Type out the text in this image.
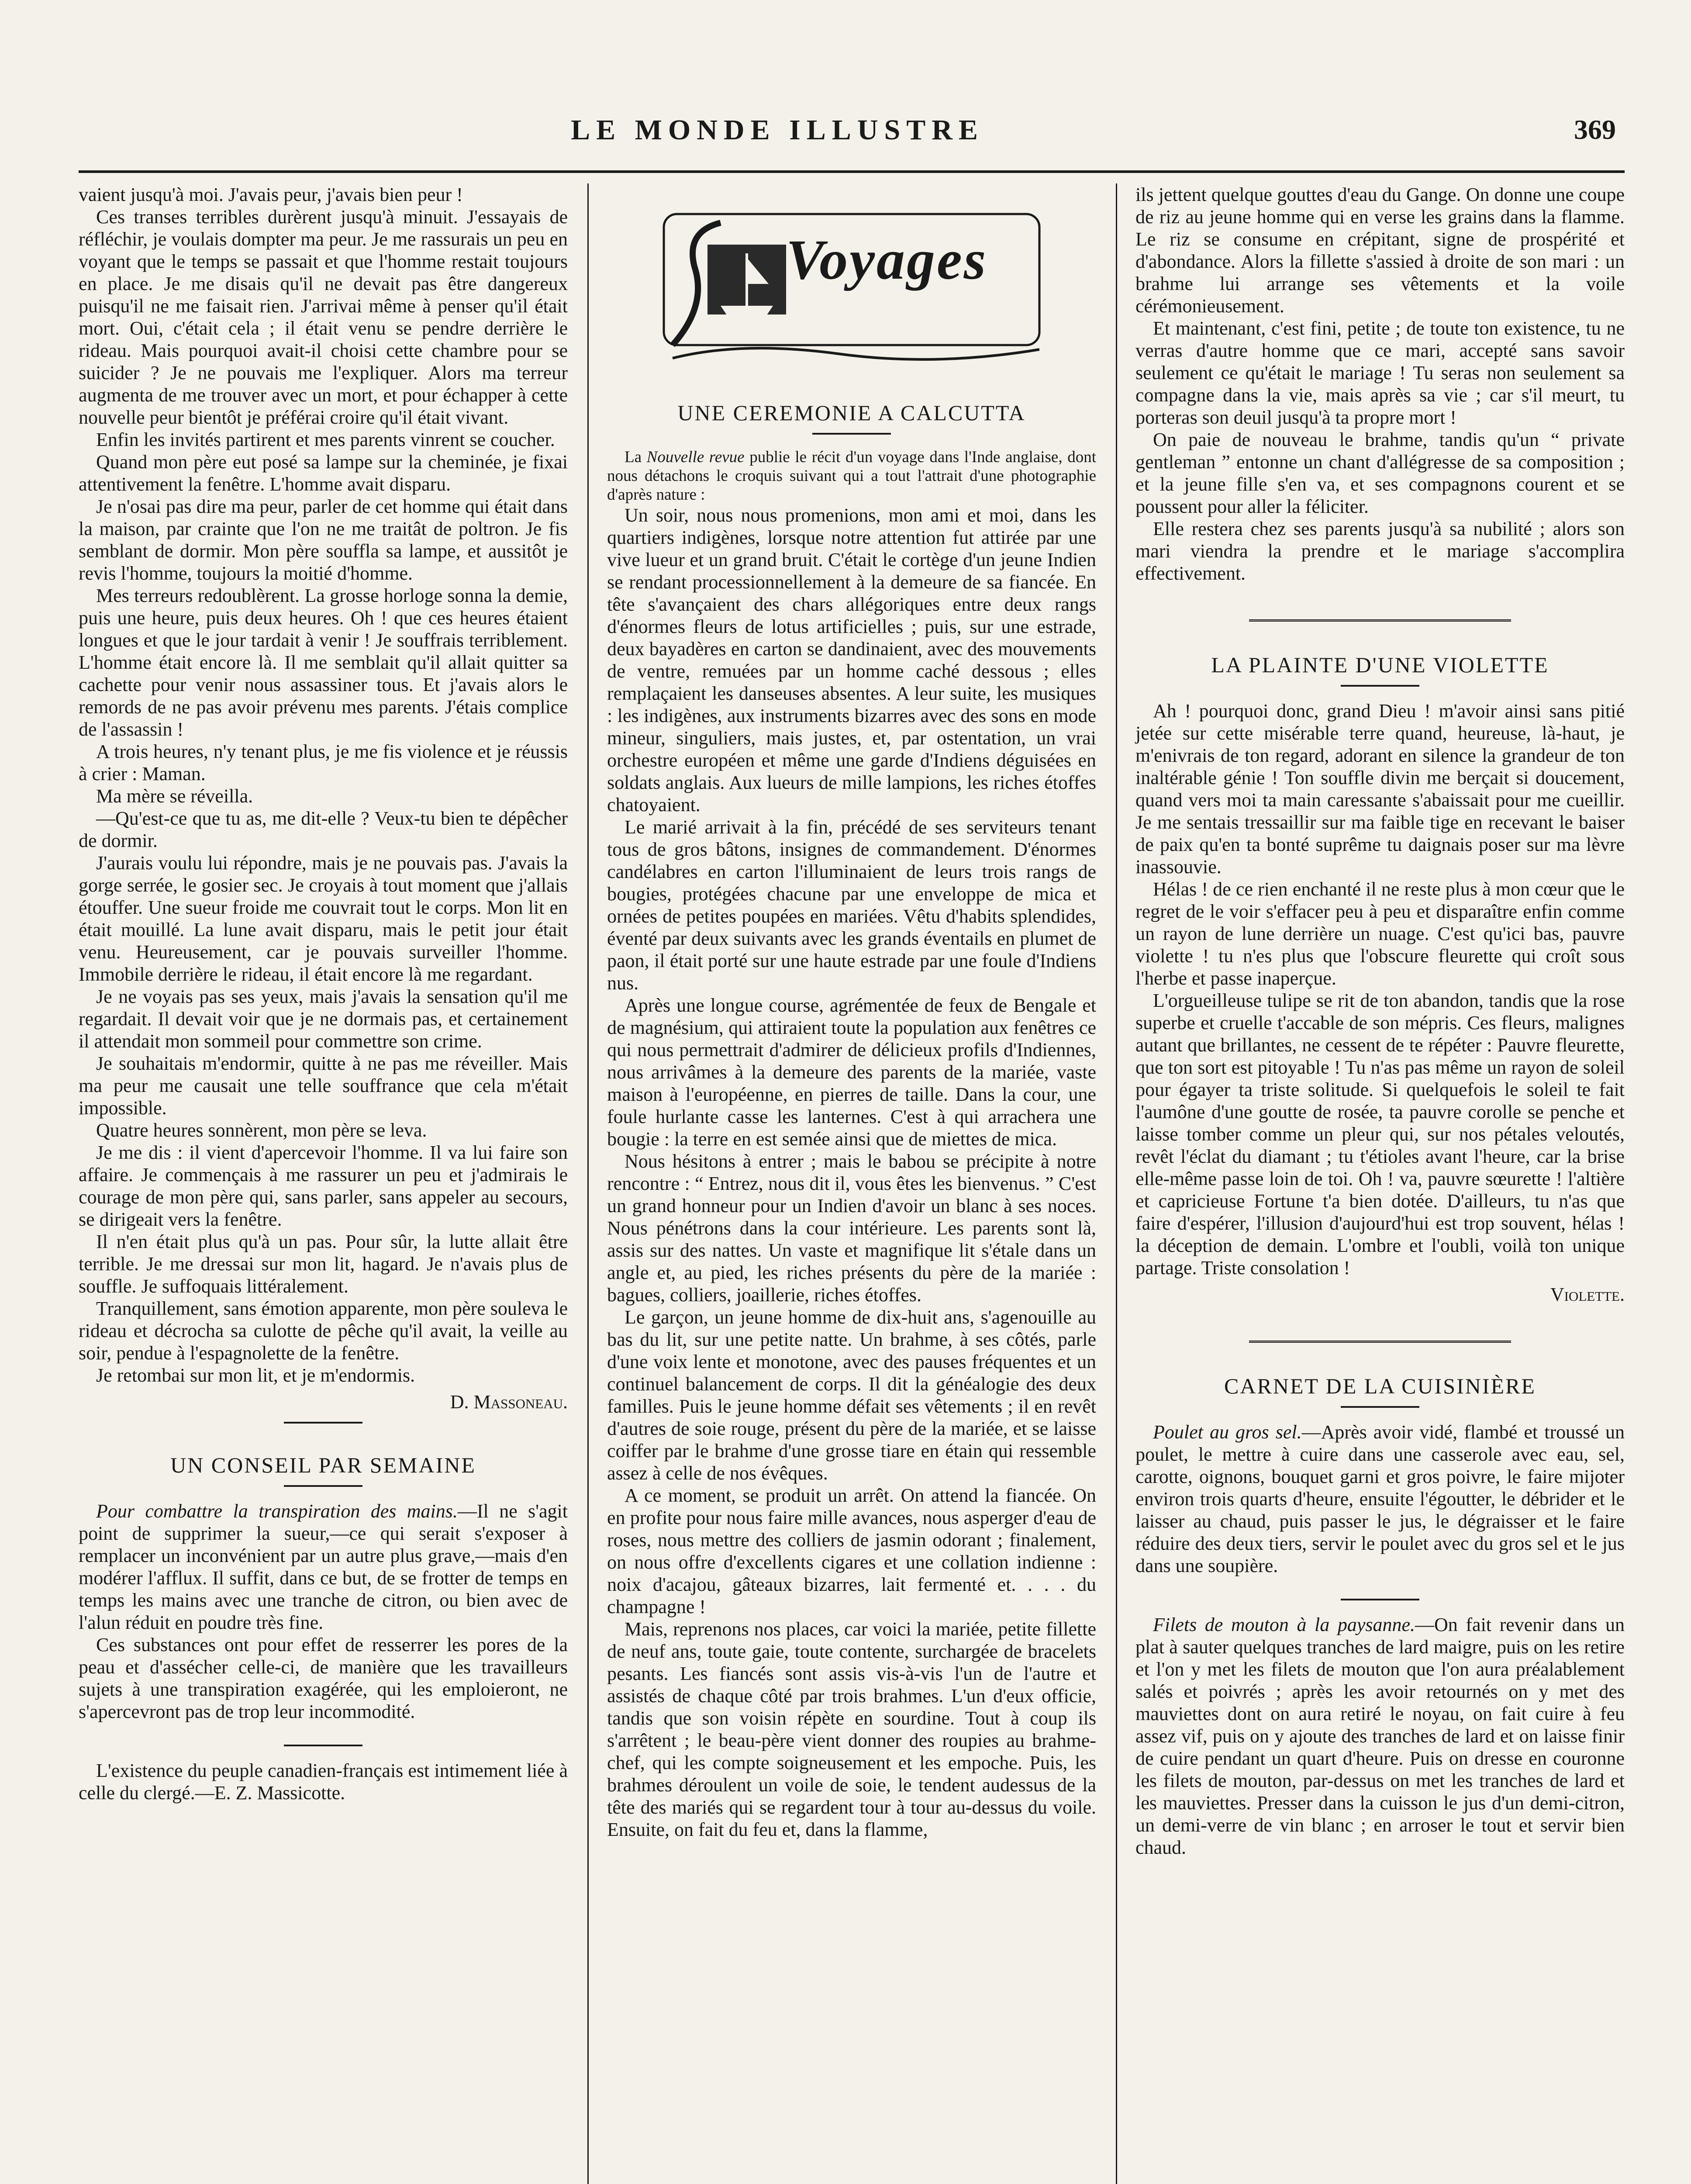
LE MONDE ILLUSTRE	369

vaient jusqu'à moi. J'avais peur, j'avais bien peur !

Ces transes terribles durèrent jusqu'à minuit. J'essayais de réfléchir, je voulais dompter ma peur. Je me rassurais un peu en voyant que le temps se passait et que l'homme restait toujours en place. Je me disais qu'il ne devait pas être dangereux puisqu'il ne me faisait rien. J'arrivai même à penser qu'il était mort. Oui, c'était cela ; il était venu se pendre derrière le rideau. Mais pourquoi avait-il choisi cette chambre pour se suicider ? Je ne pouvais me l'expliquer. Alors ma terreur augmenta de me trouver avec un mort, et pour échapper à cette nouvelle peur bientôt je préférai croire qu'il était vivant.

Enfin les invités partirent et mes parents vinrent se coucher.

Quand mon père eut posé sa lampe sur la cheminée, je fixai attentivement la fenêtre. L'homme avait disparu.

Je n'osai pas dire ma peur, parler de cet homme qui était dans la maison, par crainte que l'on ne me traitât de poltron. Je fis semblant de dormir. Mon père souffla sa lampe, et aussitôt je revis l'homme, toujours la moitié d'homme.

Mes terreurs redoublèrent. La grosse horloge sonna la demie, puis une heure, puis deux heures. Oh ! que ces heures étaient longues et que le jour tardait à venir ! Je souffrais terriblement. L'homme était encore là. Il me semblait qu'il allait quitter sa cachette pour venir nous assassiner tous. Et j'avais alors le remords de ne pas avoir prévenu mes parents. J'étais complice de l'assassin !

A trois heures, n'y tenant plus, je me fis violence et je réussis à crier : Maman.

Ma mère se réveilla.

—Qu'est-ce que tu as, me dit-elle ? Veux-tu bien te dépêcher de dormir.

J'aurais voulu lui répondre, mais je ne pouvais pas. J'avais la gorge serrée, le gosier sec. Je croyais à tout moment que j'allais étouffer. Une sueur froide me couvrait tout le corps. Mon lit en était mouillé. La lune avait disparu, mais le petit jour était venu. Heureusement, car je pouvais surveiller l'homme. Immobile derrière le rideau, il était encore là me regardant.

Je ne voyais pas ses yeux, mais j'avais la sensation qu'il me regardait. Il devait voir que je ne dormais pas, et certainement il attendait mon sommeil pour commettre son crime.

Je souhaitais m'endormir, quitte à ne pas me réveiller. Mais ma peur me causait une telle souffrance que cela m'était impossible.

Quatre heures sonnèrent, mon père se leva.

Je me dis : il vient d'apercevoir l'homme. Il va lui faire son affaire. Je commençais à me rassurer un peu et j'admirais le courage de mon père qui, sans parler, sans appeler au secours, se dirigeait vers la fenêtre.

Il n'en était plus qu'à un pas. Pour sûr, la lutte allait être terrible. Je me dressai sur mon lit, hagard. Je n'avais plus de souffle. Je suffoquais littéralement.

Tranquillement, sans émotion apparente, mon père souleva le rideau et décrocha sa culotte de pêche qu'il avait, la veille au soir, pendue à l'espagnolette de la fenêtre.

Je retombai sur mon lit, et je m'endormis.

D. Massoneau.
UN CONSEIL PAR SEMAINE

Pour combattre la transpiration des mains.—Il ne s'agit point de supprimer la sueur,—ce qui serait s'exposer à remplacer un inconvénient par un autre plus grave,—mais d'en modérer l'afflux. Il suffit, dans ce but, de se frotter de temps en temps les mains avec une tranche de citron, ou bien avec de l'alun réduit en poudre très fine.

Ces substances ont pour effet de resserrer les pores de la peau et d'assécher celle-ci, de manière que les travailleurs sujets à une transpiration exagérée, qui les emploieront, ne s'apercevront pas de trop leur incommodité.

L'existence du peuple canadien-français est intimement liée à celle du clergé.—E. Z. Massicotte.

Voyages
UNE CEREMONIE A CALCUTTA

La Nouvelle revue publie le récit d'un voyage dans l'Inde anglaise, dont nous détachons le croquis suivant qui a tout l'attrait d'une photographie d'après nature :

Un soir, nous nous promenions, mon ami et moi, dans les quartiers indigènes, lorsque notre attention fut attirée par une vive lueur et un grand bruit. C'était le cortège d'un jeune Indien se rendant processionnellement à la demeure de sa fiancée. En tête s'avançaient des chars allégoriques entre deux rangs d'énormes fleurs de lotus artificielles ; puis, sur une estrade, deux bayadères en carton se dandinaient, avec des mouvements de ventre, remuées par un homme caché dessous ; elles remplaçaient les danseuses absentes. A leur suite, les musiques : les indigènes, aux instruments bizarres avec des sons en mode mineur, singuliers, mais justes, et, par ostentation, un vrai orchestre européen et même une garde d'Indiens déguisées en soldats anglais. Aux lueurs de mille lampions, les riches étoffes chatoyaient.

Le marié arrivait à la fin, précédé de ses serviteurs tenant tous de gros bâtons, insignes de commandement. D'énormes candélabres en carton l'illuminaient de leurs trois rangs de bougies, protégées chacune par une enveloppe de mica et ornées de petites poupées en mariées. Vêtu d'habits splendides, éventé par deux suivants avec les grands éventails en plumet de paon, il était porté sur une haute estrade par une foule d'Indiens nus.

Après une longue course, agrémentée de feux de Bengale et de magnésium, qui attiraient toute la population aux fenêtres ce qui nous permettrait d'admirer de délicieux profils d'Indiennes, nous arrivâmes à la demeure des parents de la mariée, vaste maison à l'européenne, en pierres de taille. Dans la cour, une foule hurlante casse les lanternes. C'est à qui arrachera une bougie : la terre en est semée ainsi que de miettes de mica.

Nous hésitons à entrer ; mais le babou se précipite à notre rencontre : “ Entrez, nous dit il, vous êtes les bienvenus. ” C'est un grand honneur pour un Indien d'avoir un blanc à ses noces. Nous pénétrons dans la cour intérieure. Les parents sont là, assis sur des nattes. Un vaste et magnifique lit s'étale dans un angle et, au pied, les riches présents du père de la mariée : bagues, colliers, joaillerie, riches étoffes.

Le garçon, un jeune homme de dix-huit ans, s'agenouille au bas du lit, sur une petite natte. Un brahme, à ses côtés, parle d'une voix lente et monotone, avec des pauses fréquentes et un continuel balancement de corps. Il dit la généalogie des deux familles. Puis le jeune homme défait ses vêtements ; il en revêt d'autres de soie rouge, présent du père de la mariée, et se laisse coiffer par le brahme d'une grosse tiare en étain qui ressemble assez à celle de nos évêques.

A ce moment, se produit un arrêt. On attend la fiancée. On en profite pour nous faire mille avances, nous asperger d'eau de roses, nous mettre des colliers de jasmin odorant ; finalement, on nous offre d'excellents cigares et une collation indienne : noix d'acajou, gâteaux bizarres, lait fermenté et. . . . du champagne !

Mais, reprenons nos places, car voici la mariée, petite fillette de neuf ans, toute gaie, toute contente, surchargée de bracelets pesants. Les fiancés sont assis vis-à-vis l'un de l'autre et assistés de chaque côté par trois brahmes. L'un d'eux officie, tandis que son voisin répète en sourdine. Tout à coup ils s'arrêtent ; le beau-père vient donner des roupies au brahme-chef, qui les compte soigneusement et les empoche. Puis, les brahmes déroulent un voile de soie, le tendent audessus de la tête des mariés qui se regardent tour à tour au-dessus du voile. Ensuite, on fait du feu et, dans la flamme,

ils jettent quelque gouttes d'eau du Gange. On donne une coupe de riz au jeune homme qui en verse les grains dans la flamme. Le riz se consume en crépitant, signe de prospérité et d'abondance. Alors la fillette s'assied à droite de son mari : un brahme lui arrange ses vêtements et la voile cérémonieusement.

Et maintenant, c'est fini, petite ; de toute ton existence, tu ne verras d'autre homme que ce mari, accepté sans savoir seulement ce qu'était le mariage ! Tu seras non seulement sa compagne dans la vie, mais après sa vie ; car s'il meurt, tu porteras son deuil jusqu'à ta propre mort !

On paie de nouveau le brahme, tandis qu'un “ private gentleman ” entonne un chant d'allégresse de sa composition ; et la jeune fille s'en va, et ses compagnons courent et se poussent pour aller la féliciter.

Elle restera chez ses parents jusqu'à sa nubilité ; alors son mari viendra la prendre et le mariage s'accomplira effectivement.

LA PLAINTE D'UNE VIOLETTE

Ah ! pourquoi donc, grand Dieu ! m'avoir ainsi sans pitié jetée sur cette misérable terre quand, heureuse, là-haut, je m'enivrais de ton regard, adorant en silence la grandeur de ton inaltérable génie ! Ton souffle divin me berçait si doucement, quand vers moi ta main caressante s'abaissait pour me cueillir. Je me sentais tressaillir sur ma faible tige en recevant le baiser de paix qu'en ta bonté suprême tu daignais poser sur ma lèvre inassouvie.

Hélas ! de ce rien enchanté il ne reste plus à mon cœur que le regret de le voir s'effacer peu à peu et disparaître enfin comme un rayon de lune derrière un nuage. C'est qu'ici bas, pauvre violette ! tu n'es plus que l'obscure fleurette qui croît sous l'herbe et passe inaperçue.

L'orgueilleuse tulipe se rit de ton abandon, tandis que la rose superbe et cruelle t'accable de son mépris. Ces fleurs, malignes autant que brillantes, ne cessent de te répéter : Pauvre fleurette, que ton sort est pitoyable ! Tu n'as pas même un rayon de soleil pour égayer ta triste solitude. Si quelquefois le soleil te fait l'aumône d'une goutte de rosée, ta pauvre corolle se penche et laisse tomber comme un pleur qui, sur nos pétales veloutés, revêt l'éclat du diamant ; tu t'étioles avant l'heure, car la brise elle-même passe loin de toi. Oh ! va, pauvre sœurette ! l'altière et capricieuse Fortune t'a bien dotée. D'ailleurs, tu n'as que faire d'espérer, l'illusion d'aujourd'hui est trop souvent, hélas ! la déception de demain. L'ombre et l'oubli, voilà ton unique partage. Triste consolation !

Violette.
CARNET DE LA CUISINIÈRE

Poulet au gros sel.—Après avoir vidé, flambé et troussé un poulet, le mettre à cuire dans une casserole avec eau, sel, carotte, oignons, bouquet garni et gros poivre, le faire mijoter environ trois quarts d'heure, ensuite l'égoutter, le débrider et le laisser au chaud, puis passer le jus, le dégraisser et le faire réduire des deux tiers, servir le poulet avec du gros sel et le jus dans une soupière.

Filets de mouton à la paysanne.—On fait revenir dans un plat à sauter quelques tranches de lard maigre, puis on les retire et l'on y met les filets de mouton que l'on aura préalablement salés et poivrés ; après les avoir retournés on y met des mauviettes dont on aura retiré le noyau, on fait cuire à feu assez vif, puis on y ajoute des tranches de lard et on laisse finir de cuire pendant un quart d'heure. Puis on dresse en couronne les filets de mouton, par-dessus on met les tranches de lard et les mauviettes. Presser dans la cuisson le jus d'un demi-citron, un demi-verre de vin blanc ; en arroser le tout et servir bien chaud.
